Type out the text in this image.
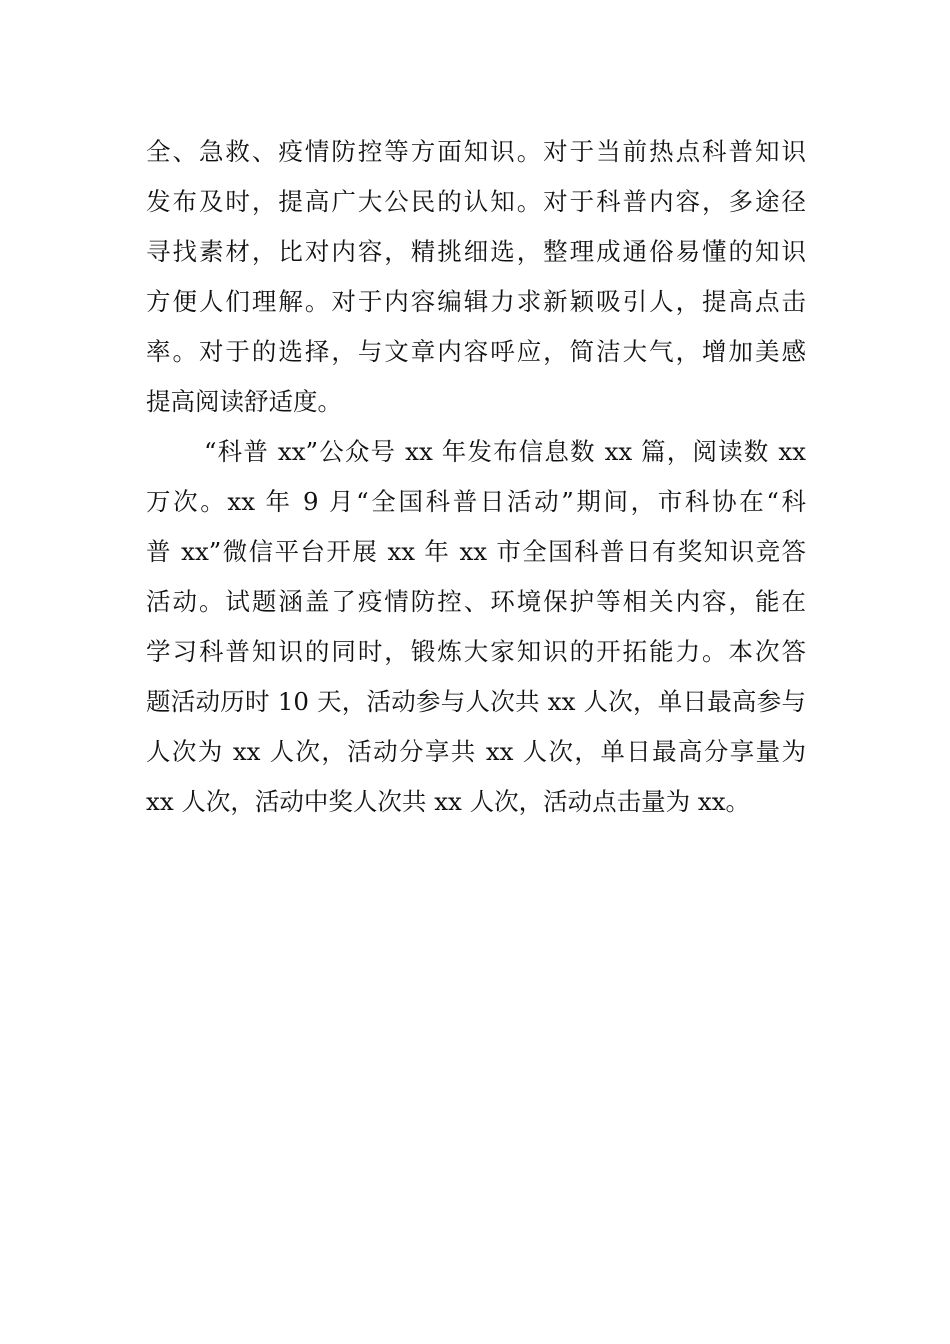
全、急救、疫情防控等方面知识。对于当前热点科普知识
发布及时，提高广大公民的认知。对于科普内容，多途径
寻找素材，比对内容，精挑细选，整理成通俗易懂的知识
方便人们理解。对于内容编辑力求新颖吸引人，提高点击
率。对于的选择，与文章内容呼应，简洁大气，增加美感
提高阅读舒适度。
“科普 xx”公众号 xx 年发布信息数 xx 篇，阅读数 xx
万次。xx 年 9 月“全国科普日活动”期间，市科协在“科
普 xx”微信平台开展 xx 年 xx 市全国科普日有奖知识竞答
活动。试题涵盖了疫情防控、环境保护等相关内容，能在
学习科普知识的同时，锻炼大家知识的开拓能力。本次答
题活动历时 10 天，活动参与人次共 xx 人次，单日最高参与
人次为 xx 人次，活动分享共 xx 人次，单日最高分享量为
xx 人次，活动中奖人次共 xx 人次，活动点击量为 xx。
